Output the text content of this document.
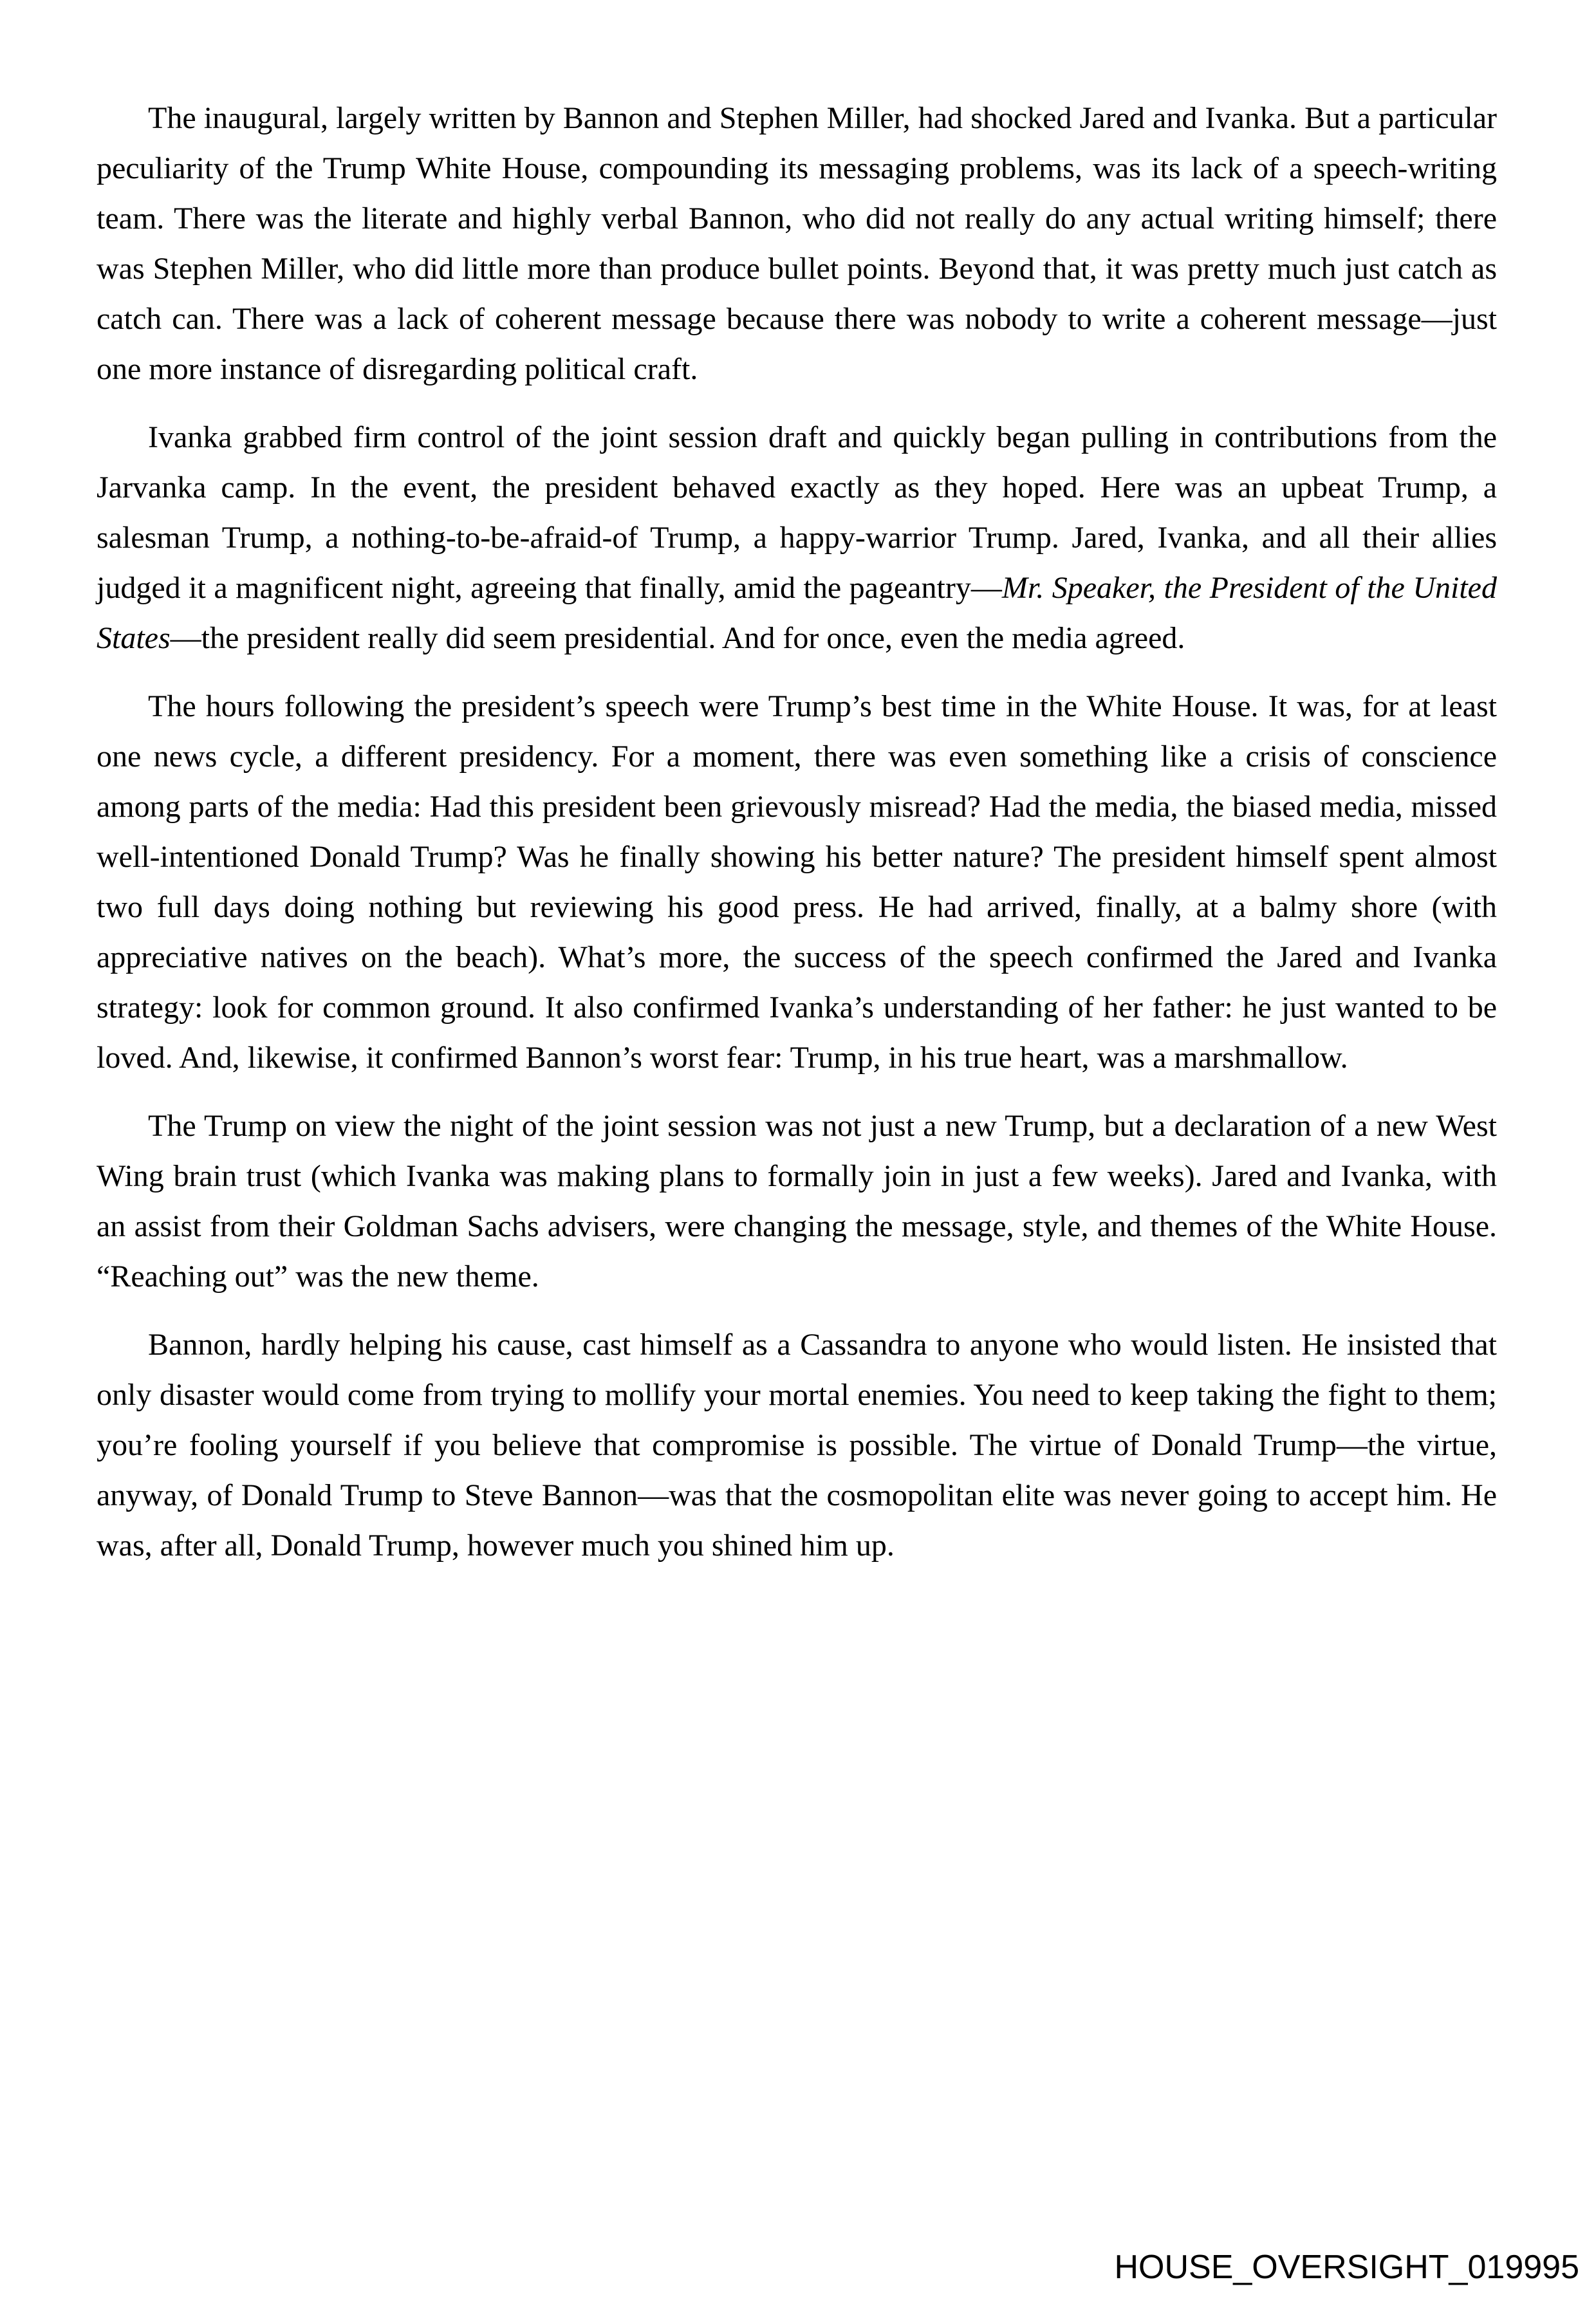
The inaugural, largely written by Bannon and Stephen Miller, had shocked Jared and Ivanka. But a particular peculiarity of the Trump White House, compounding its messaging problems, was its lack of a speech-writing team. There was the literate and highly verbal Bannon, who did not really do any actual writing himself; there was Stephen Miller, who did little more than produce bullet points. Beyond that, it was pretty much just catch as catch can. There was a lack of coherent message because there was nobody to write a coherent message—just one more instance of disregarding political craft.

Ivanka grabbed firm control of the joint session draft and quickly began pulling in contributions from the Jarvanka camp. In the event, the president behaved exactly as they hoped. Here was an upbeat Trump, a salesman Trump, a nothing-to-be-afraid-of Trump, a happy-warrior Trump. Jared, Ivanka, and all their allies judged it a magnificent night, agreeing that finally, amid the pageantry—Mr. Speaker, the President of the United States—the president really did seem presidential. And for once, even the media agreed.

The hours following the president’s speech were Trump’s best time in the White House. It was, for at least one news cycle, a different presidency. For a moment, there was even something like a crisis of conscience among parts of the media: Had this president been grievously misread? Had the media, the biased media, missed well-intentioned Donald Trump? Was he finally showing his better nature? The president himself spent almost two full days doing nothing but reviewing his good press. He had arrived, finally, at a balmy shore (with appreciative natives on the beach). What’s more, the success of the speech confirmed the Jared and Ivanka strategy: look for common ground. It also confirmed Ivanka’s understanding of her father: he just wanted to be loved. And, likewise, it confirmed Bannon’s worst fear: Trump, in his true heart, was a marshmallow.

The Trump on view the night of the joint session was not just a new Trump, but a declaration of a new West Wing brain trust (which Ivanka was making plans to formally join in just a few weeks). Jared and Ivanka, with an assist from their Goldman Sachs advisers, were changing the message, style, and themes of the White House. “Reaching out” was the new theme.

Bannon, hardly helping his cause, cast himself as a Cassandra to anyone who would listen. He insisted that only disaster would come from trying to mollify your mortal enemies. You need to keep taking the fight to them; you’re fooling yourself if you believe that compromise is possible. The virtue of Donald Trump—the virtue, anyway, of Donald Trump to Steve Bannon—was that the cosmopolitan elite was never going to accept him. He was, after all, Donald Trump, however much you shined him up.

HOUSE_OVERSIGHT_019995
